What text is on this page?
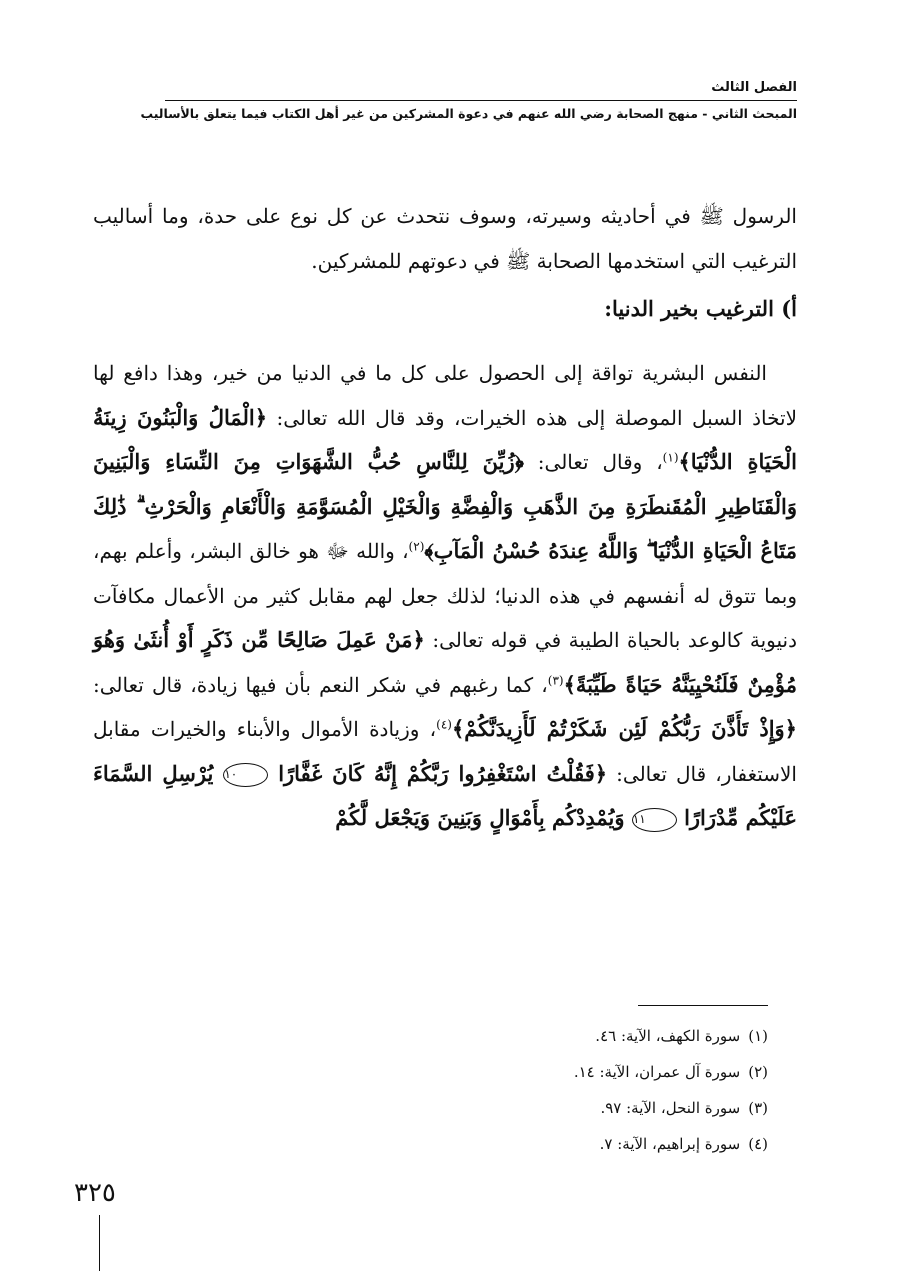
الفصل الثالث
المبحث الثاني - منهج الصحابة رضي الله عنهم في دعوة المشركين من غير أهل الكتاب فيما يتعلق بالأساليب

الرسول ﷺ في أحاديثه وسيرته، وسوف نتحدث عن كل نوع على حدة، وما أساليب الترغيب التي استخدمها الصحابة ﷺ في دعوتهم للمشركين.

أ) الترغيب بخير الدنيا:

النفس البشرية تواقة إلى الحصول على كل ما في الدنيا من خير، وهذا دافع لها لاتخاذ السبل الموصلة إلى هذه الخيرات، وقد قال الله تعالى: ﴿الْمَالُ وَالْبَنُونَ زِينَةُ الْحَيَاةِ الدُّنْيَا﴾$^{(١)}$، وقال تعالى: ﴿زُيِّنَ لِلنَّاسِ حُبُّ الشَّهَوَاتِ مِنَ النِّسَاءِ وَالْبَنِينَ وَالْقَنَاطِيرِ الْمُقَنطَرَةِ مِنَ الذَّهَبِ وَالْفِضَّةِ وَالْخَيْلِ الْمُسَوَّمَةِ وَالْأَنْعَامِ وَالْحَرْثِ ۗ ذَٰلِكَ مَتَاعُ الْحَيَاةِ الدُّنْيَا ۖ وَاللَّهُ عِندَهُ حُسْنُ الْمَآبِ﴾$^{(٢)}$، والله ﷻ هو خالق البشر، وأعلم بهم، وبما تتوق له أنفسهم في هذه الدنيا؛ لذلك جعل لهم مقابل كثير من الأعمال مكافآت دنيوية كالوعد بالحياة الطيبة في قوله تعالى: ﴿مَنْ عَمِلَ صَالِحًا مِّن ذَكَرٍ أَوْ أُنثَىٰ وَهُوَ مُؤْمِنٌ فَلَنُحْيِيَنَّهُ حَيَاةً طَيِّبَةً﴾$^{(٣)}$، كما رغبهم في شكر النعم بأن فيها زيادة، قال تعالى: ﴿وَإِذْ تَأَذَّنَ رَبُّكُمْ لَئِن شَكَرْتُمْ لَأَزِيدَنَّكُمْ﴾$^{(٤)}$، وزيادة الأموال والأبناء والخيرات مقابل الاستغفار، قال تعالى: ﴿فَقُلْتُ اسْتَغْفِرُوا رَبَّكُمْ إِنَّهُ كَانَ غَفَّارًا ١٠ يُرْسِلِ السَّمَاءَ عَلَيْكُم مِّدْرَارًا ١١ وَيُمْدِدْكُم بِأَمْوَالٍ وَبَنِينَ وَيَجْعَل لَّكُمْ

(١)سورة الكهف، الآية: ٤٦.
(٢)سورة آل عمران، الآية: ١٤.
(٣)سورة النحل، الآية: ٩٧.
(٤)سورة إبراهيم، الآية: ٧.
٣٢٥
